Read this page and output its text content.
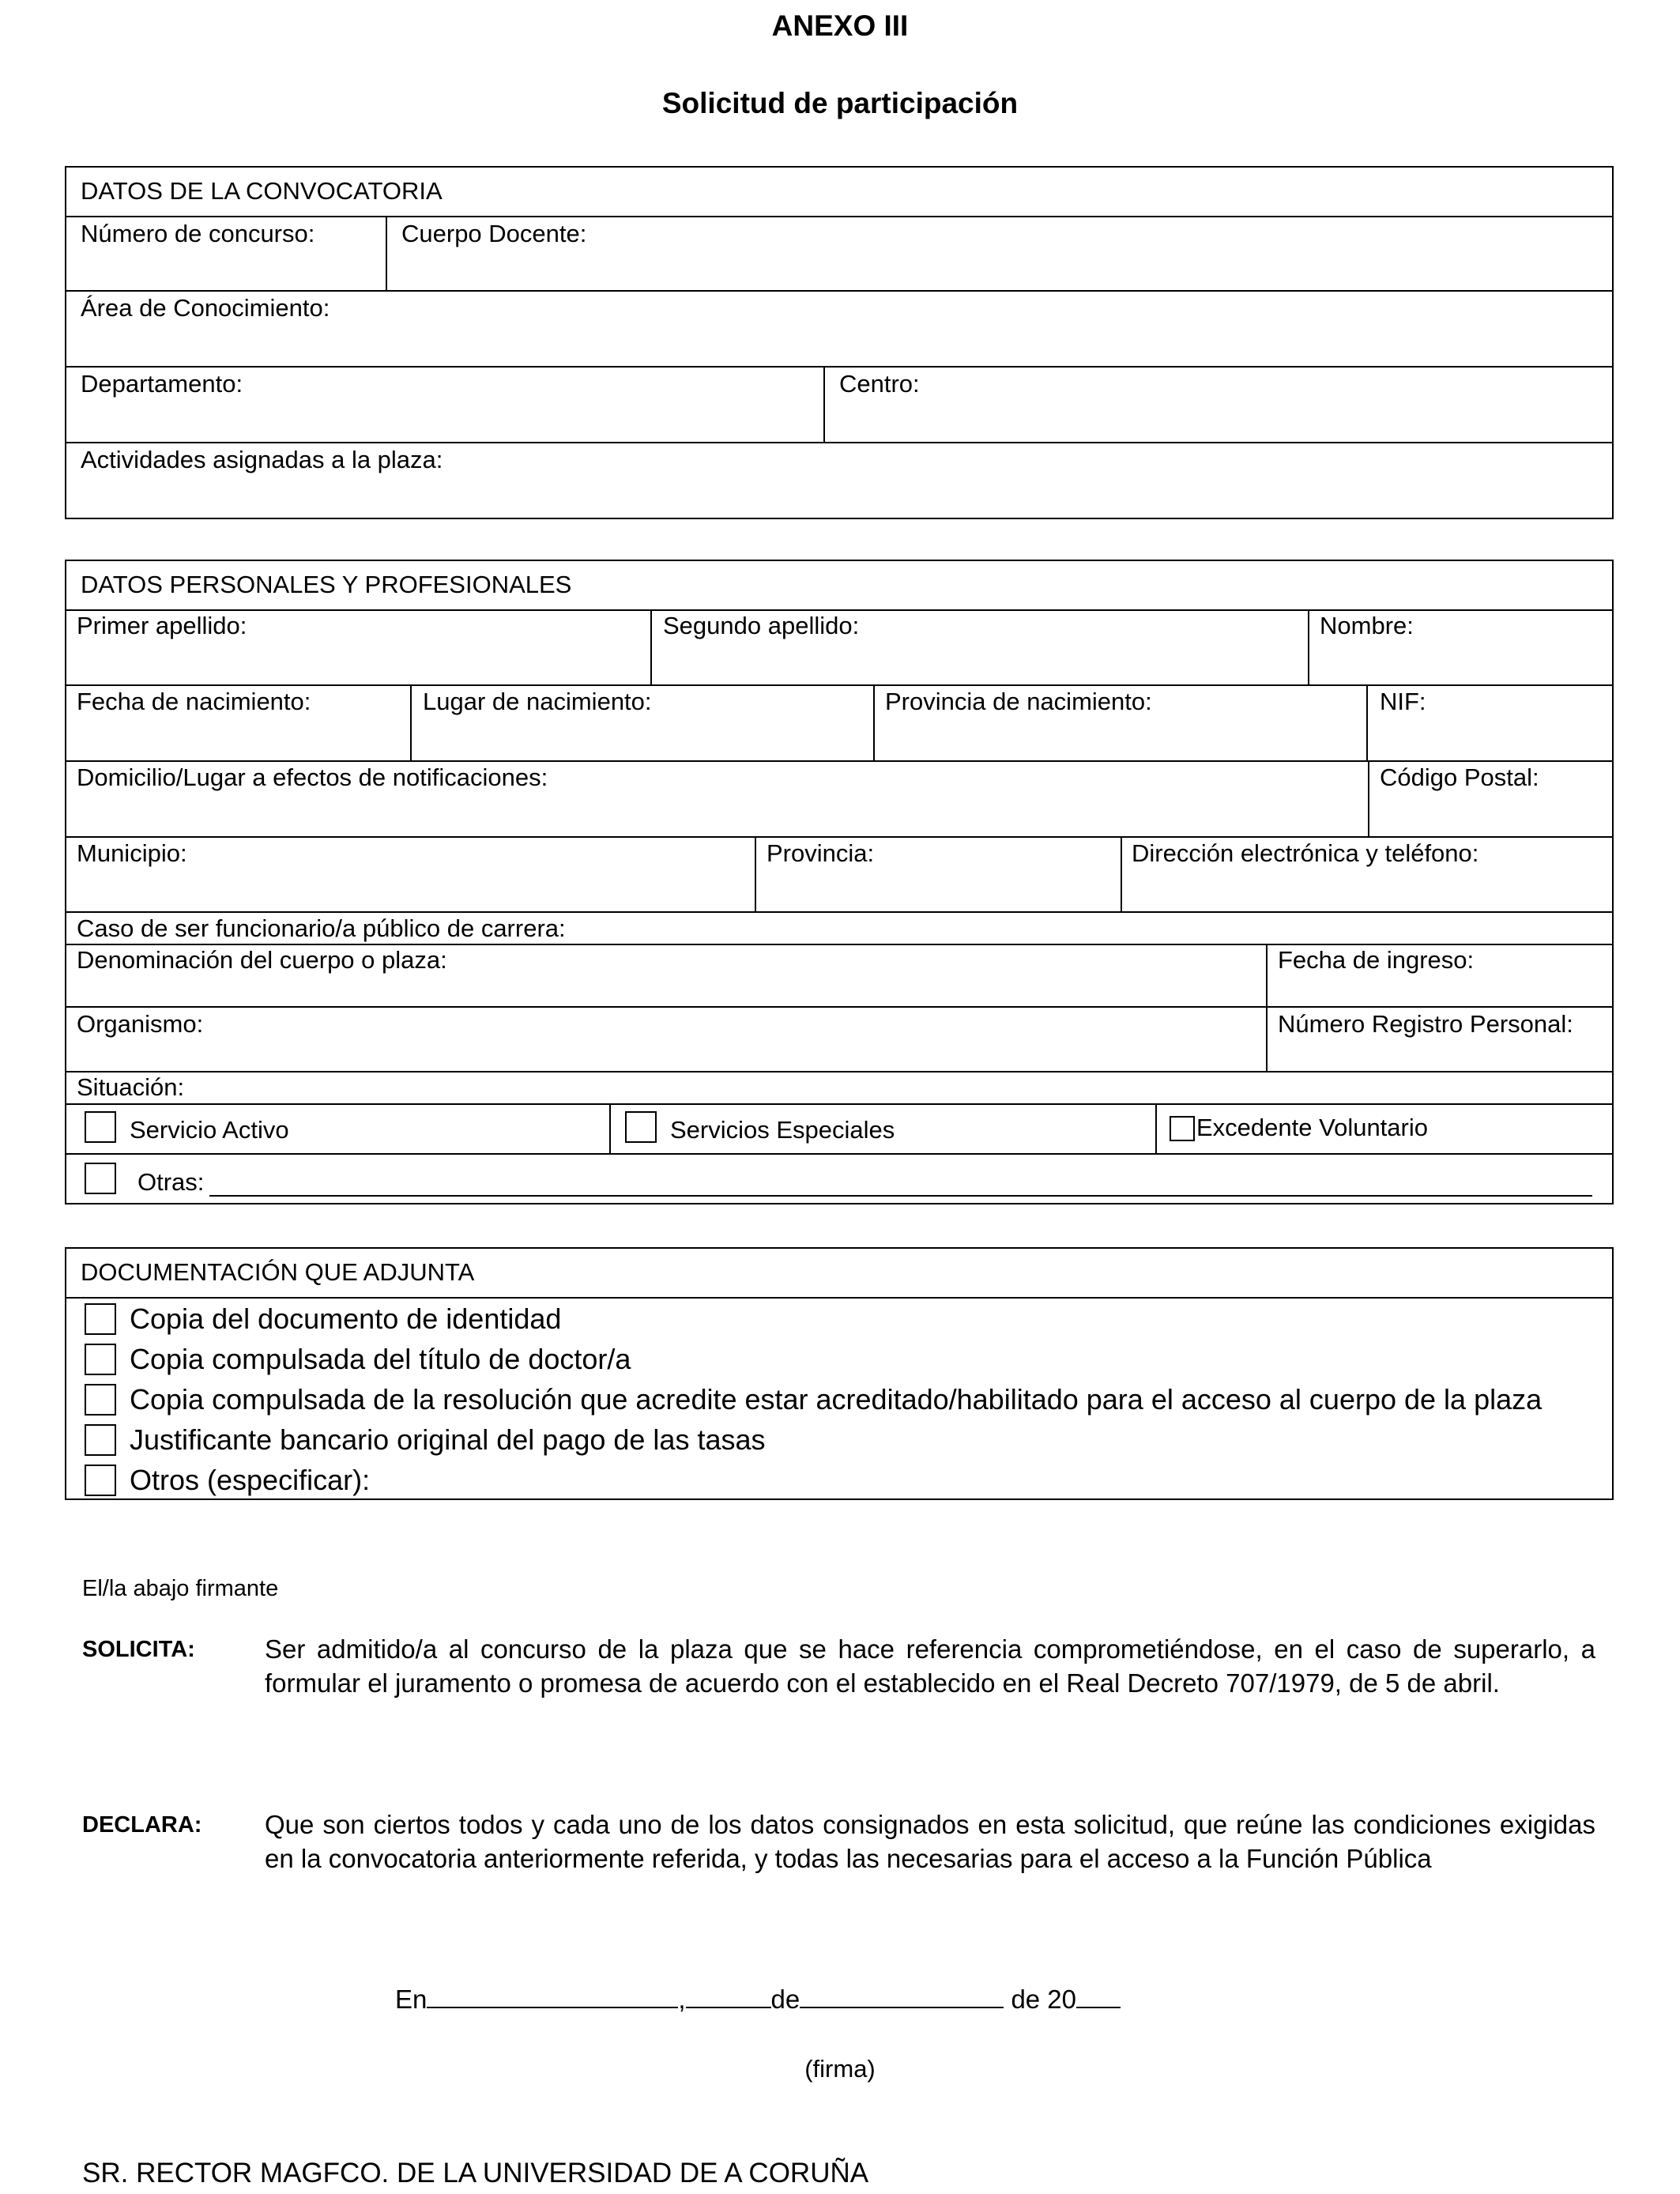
ANEXO III
Solicitud de participación
DATOS DE LA CONVOCATORIA
Número de concurso:	Cuerpo Docente:
Área de Conocimiento:
Departamento:	Centro:
Actividades asignadas a la plaza:
DATOS PERSONALES Y PROFESIONALES
Primer apellido:	Segundo apellido:	Nombre:
Fecha de nacimiento:	Lugar de nacimiento:	Provincia de nacimiento:	NIF:
Domicilio/Lugar a efectos de notificaciones:	Código Postal:
Municipio:	Provincia:	Dirección electrónica y teléfono:
Caso de ser funcionario/a público de carrera:
Denominación del cuerpo o plaza:	Fecha de ingreso:
Organismo:	Número Registro Personal:
Situación:
Servicio Activo	Servicios Especiales	Excedente Voluntario
Otras:
DOCUMENTACIÓN QUE ADJUNTA
Copia del documento de identidad
Copia compulsada del título de doctor/a
Copia compulsada de la resolución que acredite estar acreditado/habilitado para el acceso al cuerpo de la plaza
Justificante bancario original del pago de las tasas
Otros (especificar):
El/la abajo firmante
SOLICITA:	Ser admitido/a al concurso de la plaza que se hace referencia comprometiéndose, en el caso de superarlo, a formular el juramento o promesa de acuerdo con el establecido en el Real Decreto 707/1979, de 5 de abril.
DECLARA: Que son ciertos todos y cada uno de los datos consignados en esta solicitud, que reúne las condiciones exigidas en la convocatoria anteriormente referida, y todas las necesarias para el acceso a la Función Pública
En	,	de	de 20
(firma)
SR. RECTOR MAGFCO. DE LA UNIVERSIDAD DE A CORUÑA
